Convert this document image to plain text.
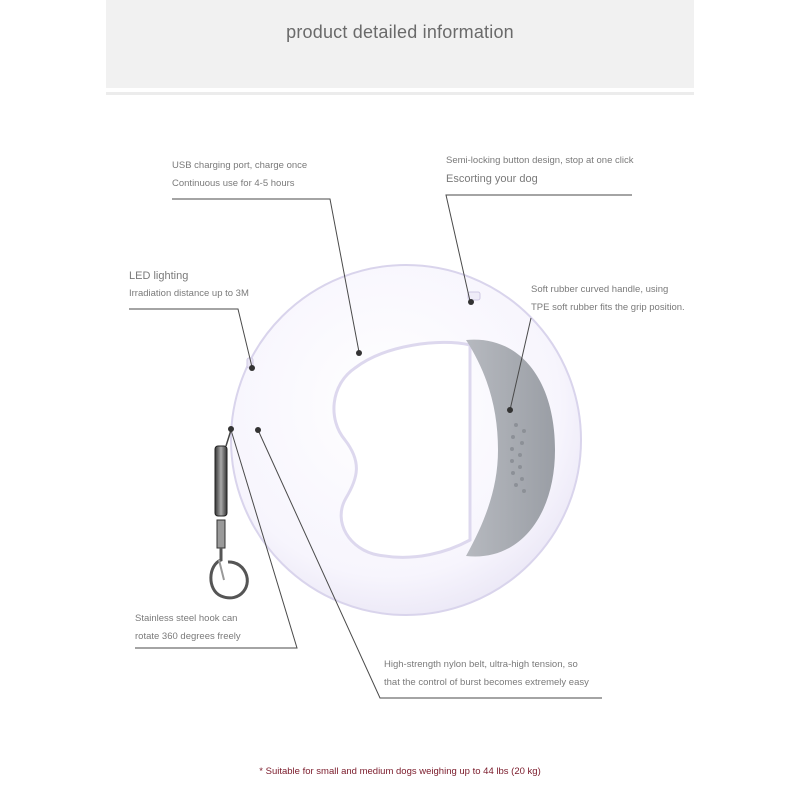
product detailed information
USB charging port, charge once
Continuous use for 4-5 hours
Semi-locking button design, stop at one click
Escorting your dog
LED lighting
Irradiation distance up to 3M	Soft rubber curved handle, using
TPE soft rubber fits the grip position.
Stainless steel hook can
rotate 360 degrees freely
High-strength nylon belt, ultra-high tension, so
that the control of burst becomes extremely easy
* Suitable for small and medium dogs weighing up to 44 lbs (20 kg)
